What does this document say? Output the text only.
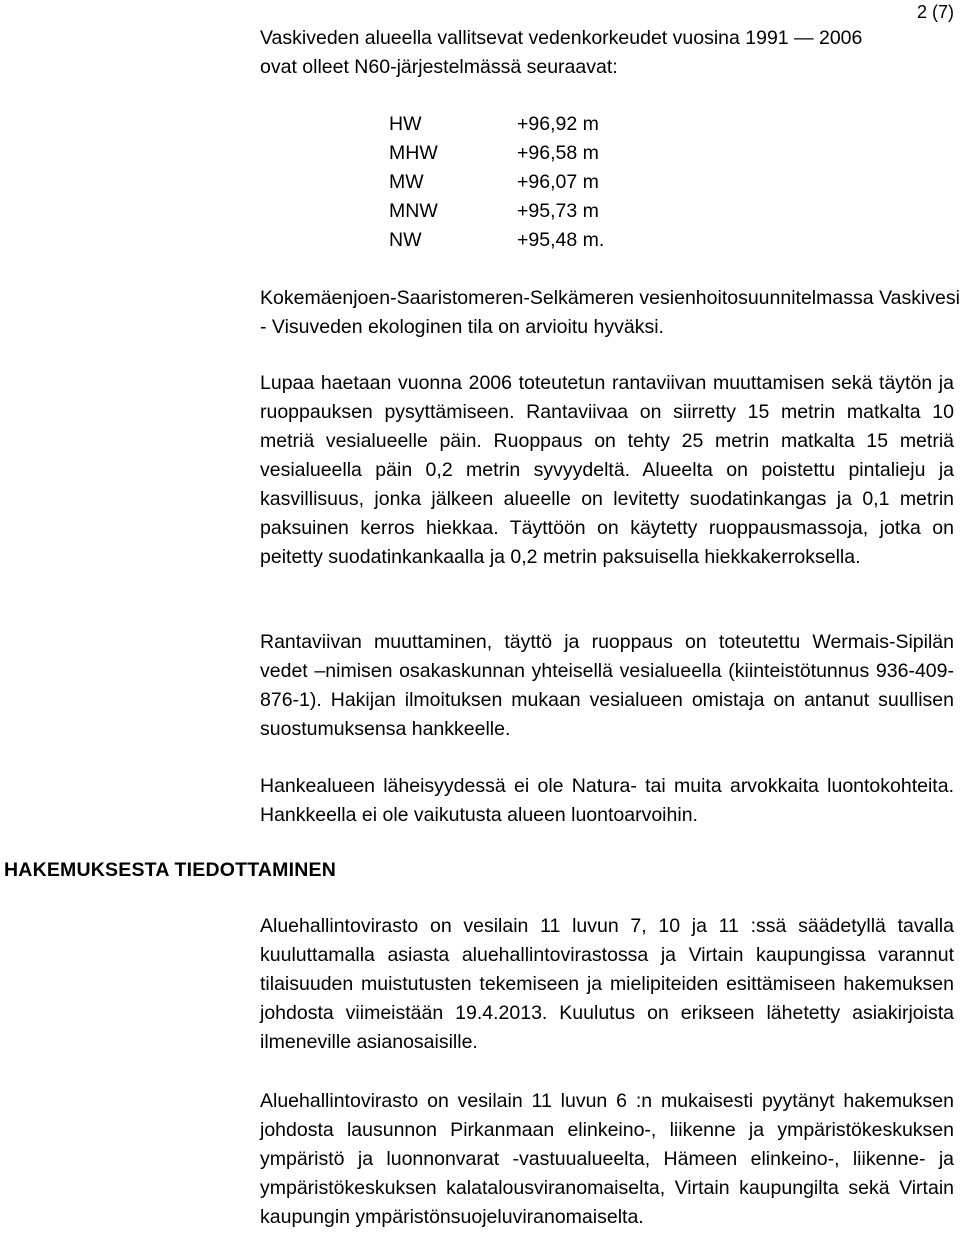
2 (7)

Vaskiveden alueella vallitsevat vedenkorkeudet vuosina 1991 — 2006

ovat olleet N60-järjestelmässä seuraavat:

HW	+96,92 m
MHW	+96,58 m
MW	+96,07 m
MNW	+95,73 m
NW	+95,48 m.

Kokemäenjoen-Saaristomeren-Selkämeren vesienhoitosuunnitelmassa Vaskivesi - Visuveden ekologinen tila on arvioitu hyväksi.

Lupaa haetaan vuonna 2006 toteutetun rantaviivan muuttamisen sekä täytön ja ruoppauksen pysyttämiseen. Rantaviivaa on siirretty 15 metrin matkalta 10 metriä vesialueelle päin. Ruoppaus on tehty 25 metrin matkalta 15 metriä vesialueella päin 0,2 metrin syvyydeltä. Alueelta on poistettu pintalieju ja kasvillisuus, jonka jälkeen alueelle on levitetty suodatinkangas ja 0,1 metrin paksuinen kerros hiekkaa. Täyttöön on käytetty ruoppausmassoja, jotka on peitetty suodatinkankaalla ja 0,2 metrin paksuisella hiekkakerroksella.

Rantaviivan muuttaminen, täyttö ja ruoppaus on toteutettu Wermais-Sipilän vedet –nimisen osakaskunnan yhteisellä vesialueella (kiinteistötunnus 936-409-876-1). Hakijan ilmoituksen mukaan vesialueen omistaja on antanut suullisen suostumuksensa hankkeelle.

Hankealueen läheisyydessä ei ole Natura- tai muita arvokkaita luontokohteita. Hankkeella ei ole vaikutusta alueen luontoarvoihin.

HAKEMUKSESTA TIEDOTTAMINEN

Aluehallintovirasto on vesilain 11 luvun 7, 10 ja 11 :ssä säädetyllä tavalla kuuluttamalla asiasta aluehallintovirastossa ja Virtain kaupungissa varannut tilaisuuden muistutusten tekemiseen ja mielipiteiden esittämiseen hakemuksen johdosta viimeistään 19.4.2013. Kuulutus on erikseen lähetetty asiakirjoista ilmeneville asianosaisille.

Aluehallintovirasto on vesilain 11 luvun 6 :n mukaisesti pyytänyt hakemuksen johdosta lausunnon Pirkanmaan elinkeino-, liikenne ja ympäristökeskuksen ympäristö ja luonnonvarat -vastuualueelta, Hämeen elinkeino-, liikenne- ja ympäristökeskuksen kalatalousviranomaiselta, Virtain kaupungilta sekä Virtain kaupungin ympäristönsuojeluviranomaiselta.
